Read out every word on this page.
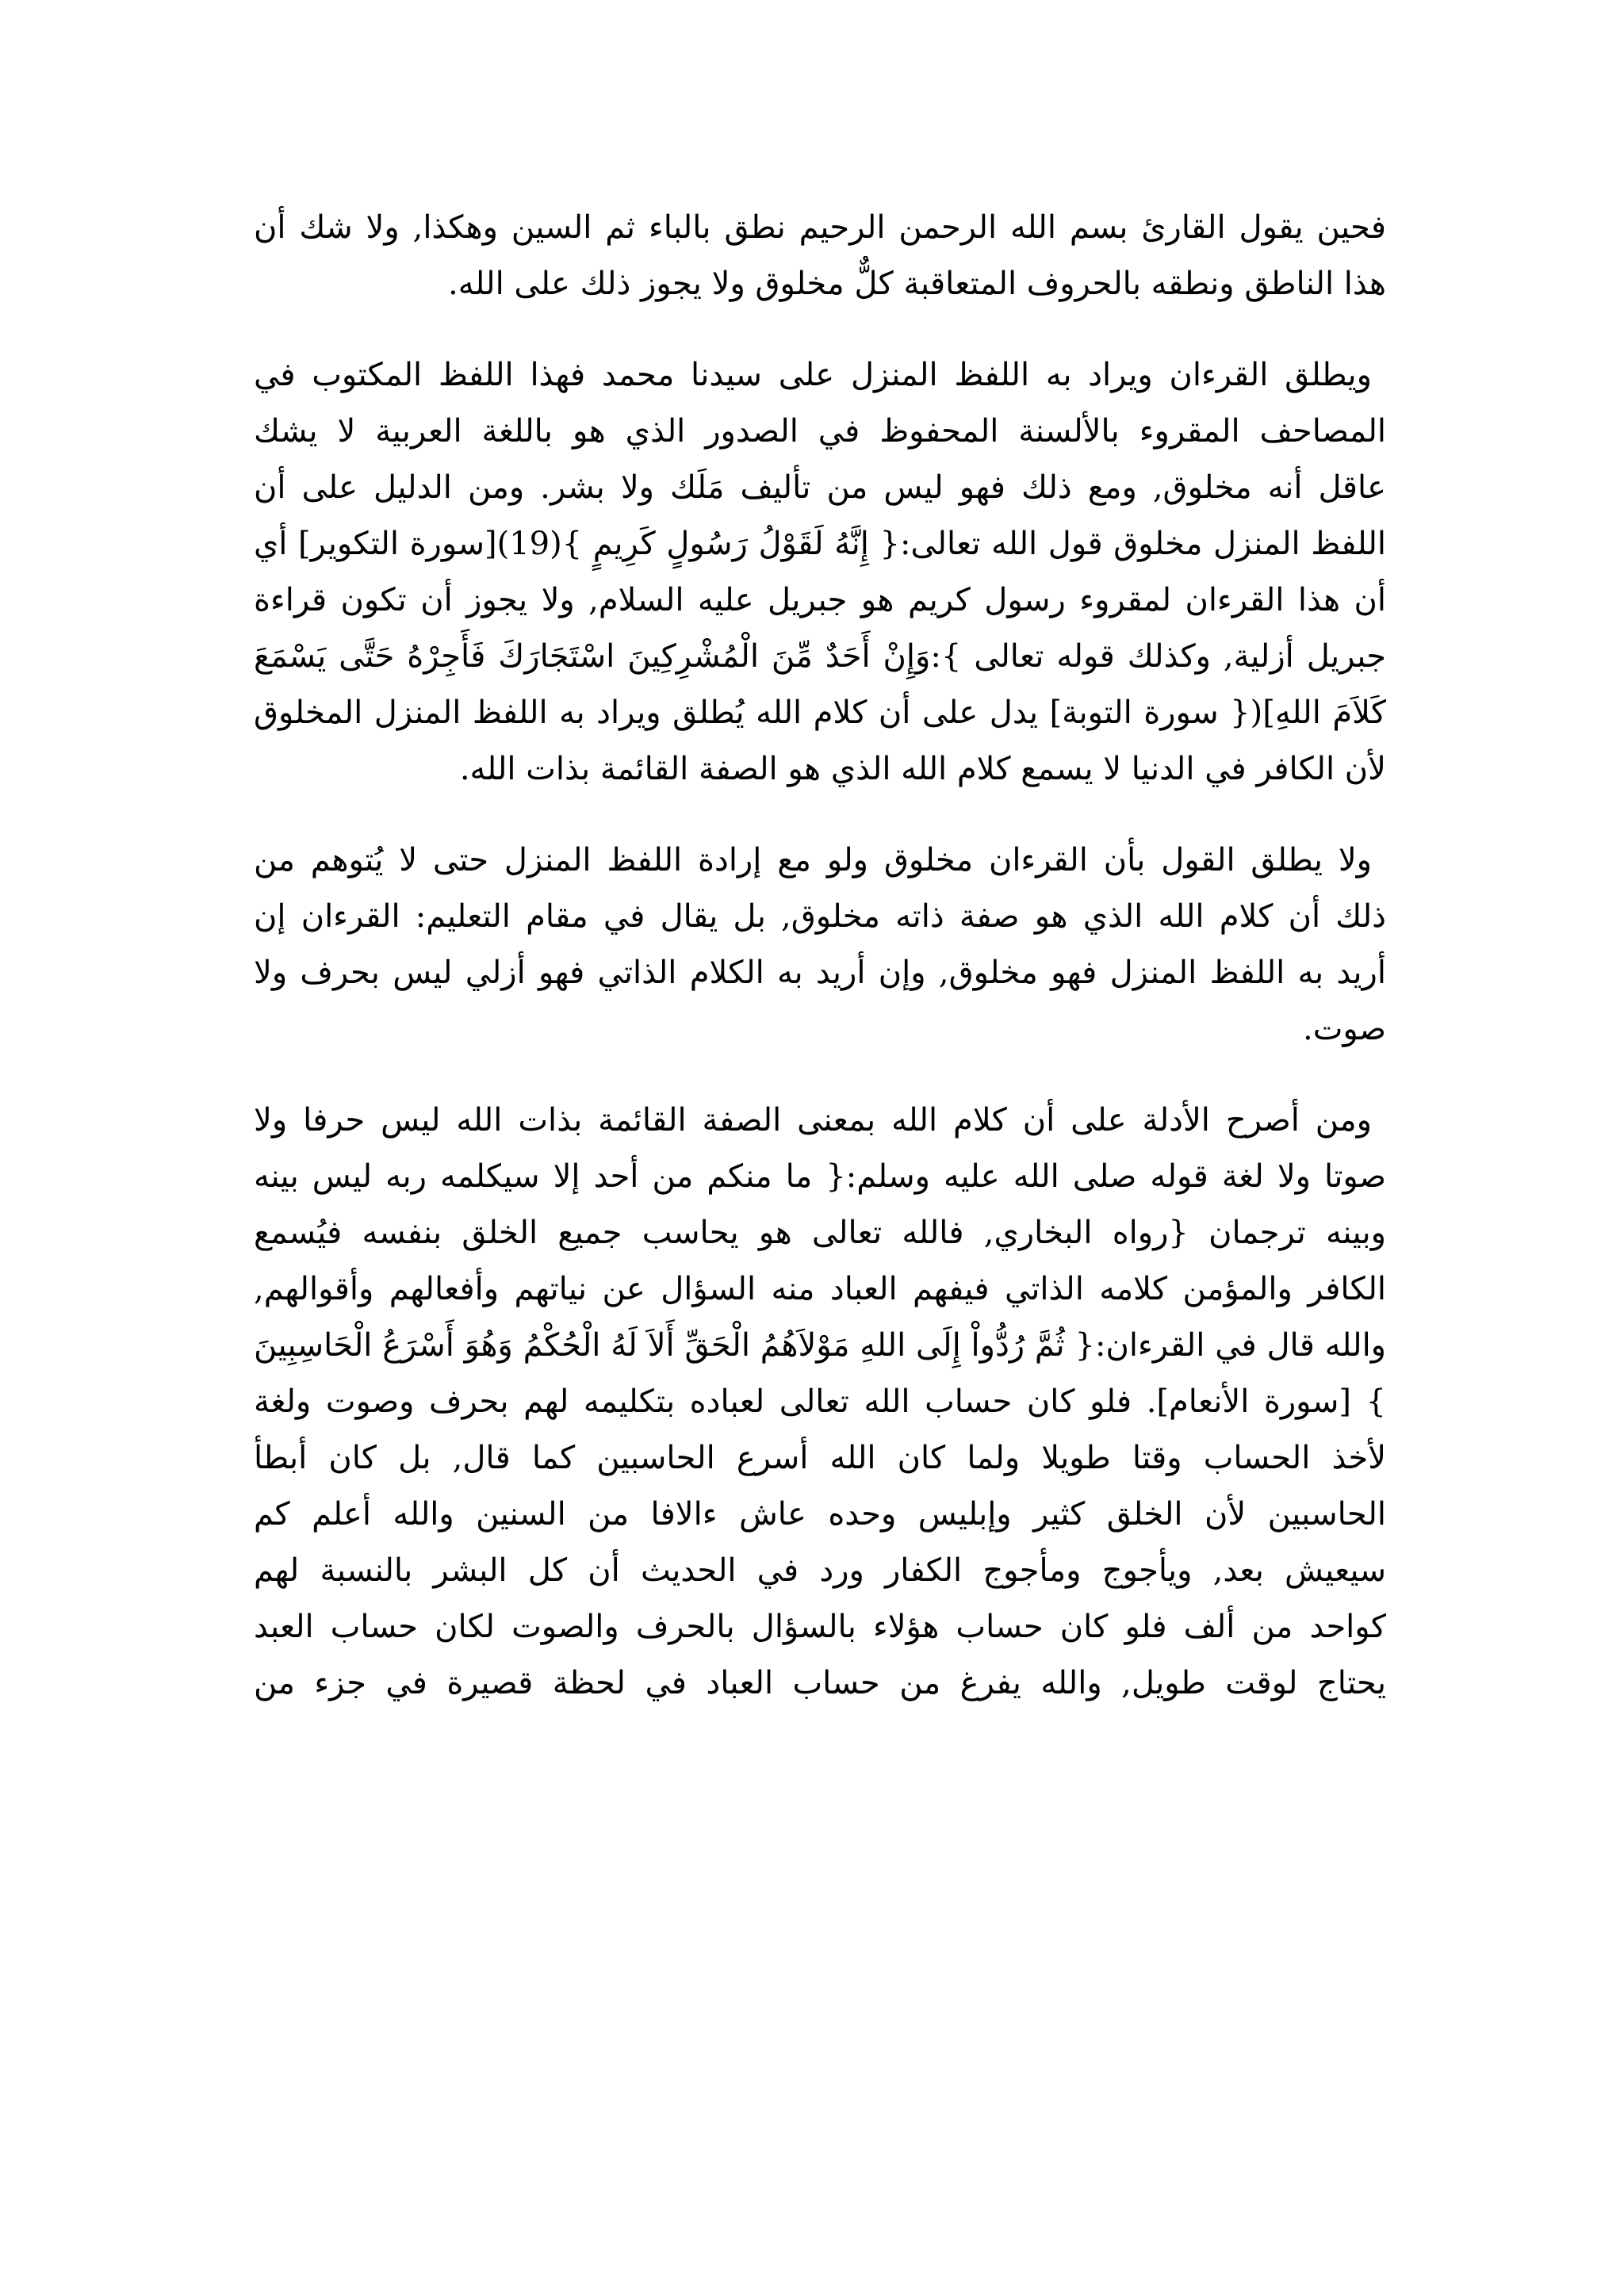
فحين يقول القارئ بسم الله الرحمن الرحيم نطق بالباء ثم السين وهكذا, ولا شك أن
هذا الناطق ونطقه بالحروف المتعاقبة كلٌّ مخلوق ولا يجوز ذلك على الله.
ويطلق القرءان ويراد به اللفظ المنزل على سيدنا محمد فهذا اللفظ المكتوب في
المصاحف المقروء بالألسنة المحفوظ في الصدور الذي هو باللغة العربية لا يشك
عاقل أنه مخلوق, ومع ذلك فهو ليس من تأليف مَلَك ولا بشر. ومن الدليل على أن
اللفظ المنزل مخلوق قول الله تعالى:{ إِنَّهُ لَقَوْلُ رَسُولٍ كَرِيمٍ }(19)[سورة التكوير] أي
أن هذا القرءان لمقروء رسول كريم هو جبريل عليه السلام, ولا يجوز أن تكون قراءة
جبريل أزلية, وكذلك قوله تعالى }:وَإِنْ أَحَدٌ مِّنَ الْمُشْرِكِينَ اسْتَجَارَكَ فَأَجِرْهُ حَتَّى يَسْمَعَ
كَلاَمَ اللهِ]({ سورة التوبة] يدل على أن كلام الله يُطلق ويراد به اللفظ المنزل المخلوق
لأن الكافر في الدنيا لا يسمع كلام الله الذي هو الصفة القائمة بذات الله.
ولا يطلق القول بأن القرءان مخلوق ولو مع إرادة اللفظ المنزل حتى لا يُتوهم من
ذلك أن كلام الله الذي هو صفة ذاته مخلوق, بل يقال في مقام التعليم: القرءان إن
أريد به اللفظ المنزل فهو مخلوق, وإن أريد به الكلام الذاتي فهو أزلي ليس بحرف ولا
صوت.
ومن أصرح الأدلة على أن كلام الله بمعنى الصفة القائمة بذات الله ليس حرفا ولا
صوتا ولا لغة قوله صلى الله عليه وسلم:{ ما منكم من أحد إلا سيكلمه ربه ليس بينه
وبينه ترجمان {رواه البخاري, فالله تعالى هو يحاسب جميع الخلق بنفسه فيُسمع
الكافر والمؤمن كلامه الذاتي فيفهم العباد منه السؤال عن نياتهم وأفعالهم وأقوالهم,
والله قال في القرءان:{ ثُمَّ رُدُّواْ إِلَى اللهِ مَوْلاَهُمُ الْحَقِّ أَلاَ لَهُ الْحُكْمُ وَهُوَ أَسْرَعُ الْحَاسِبِينَ
} [سورة الأنعام]. فلو كان حساب الله تعالى لعباده بتكليمه لهم بحرف وصوت ولغة
لأخذ الحساب وقتا طويلا ولما كان الله أسرع الحاسبين كما قال, بل كان أبطأ
الحاسبين لأن الخلق كثير وإبليس وحده عاش ءالافا من السنين والله أعلم كم
سيعيش بعد, ويأجوج ومأجوج الكفار ورد في الحديث أن كل البشر بالنسبة لهم
كواحد من ألف فلو كان حساب هؤلاء بالسؤال بالحرف والصوت لكان حساب العبد
يحتاج لوقت طويل, والله يفرغ من حساب العباد في لحظة قصيرة في جزء من
